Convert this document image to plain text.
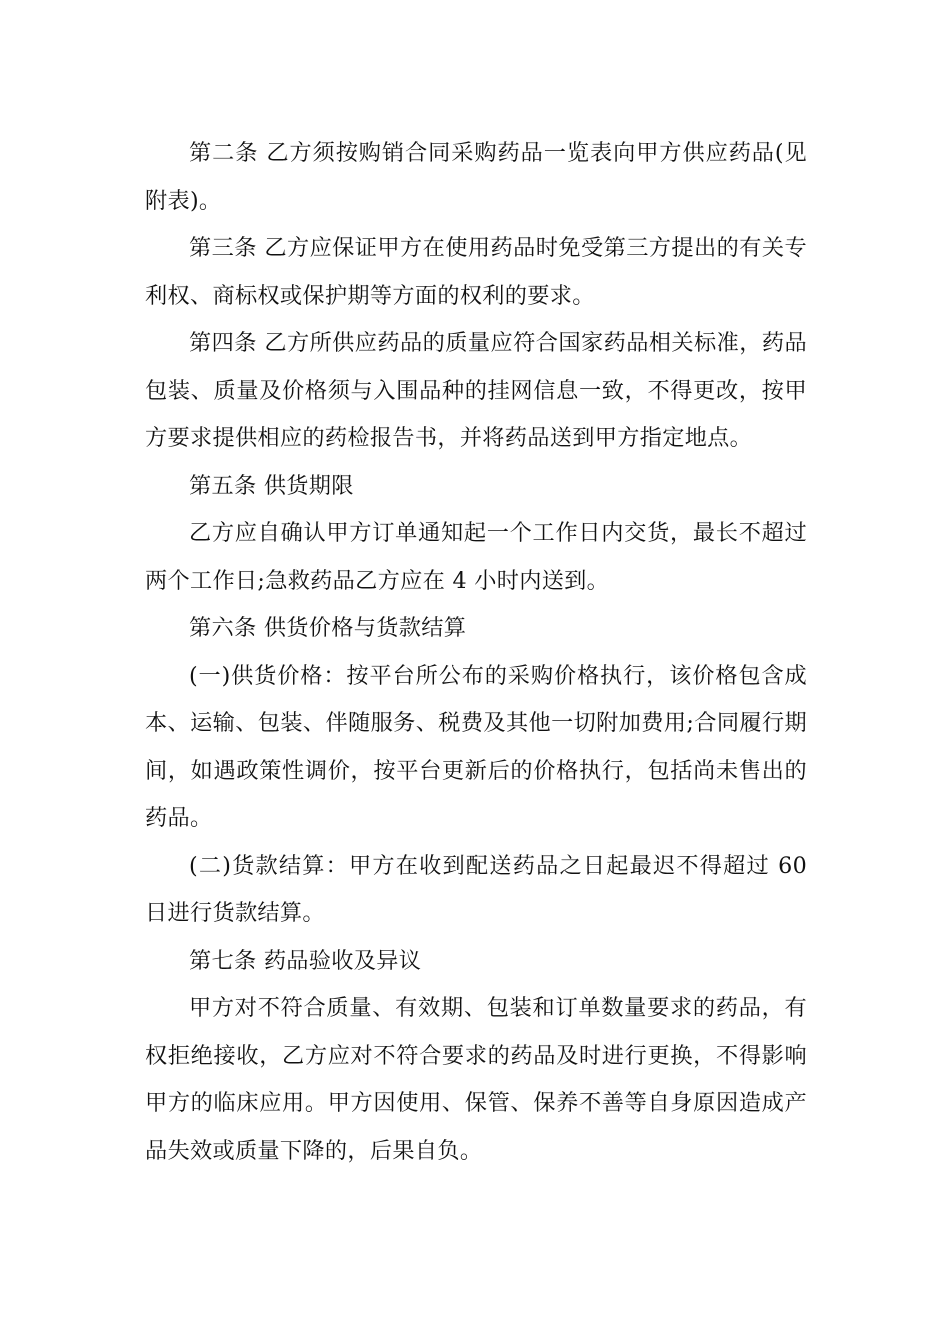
第二条 乙方须按购销合同采购药品一览表向甲方供应药品(见附表)。

第三条 乙方应保证甲方在使用药品时免受第三方提出的有关专利权、商标权或保护期等方面的权利的要求。

第四条 乙方所供应药品的质量应符合国家药品相关标准，药品包装、质量及价格须与入围品种的挂网信息一致，不得更改，按甲方要求提供相应的药检报告书，并将药品送到甲方指定地点。

第五条 供货期限

乙方应自确认甲方订单通知起一个工作日内交货，最长不超过两个工作日;急救药品乙方应在 4 小时内送到。

第六条 供货价格与货款结算

(一)供货价格：按平台所公布的采购价格执行，该价格包含成本、运输、包装、伴随服务、税费及其他一切附加费用;合同履行期间，如遇政策性调价，按平台更新后的价格执行，包括尚未售出的药品。

(二)货款结算：甲方在收到配送药品之日起最迟不得超过 60 日进行货款结算。

第七条 药品验收及异议

甲方对不符合质量、有效期、包装和订单数量要求的药品，有权拒绝接收，乙方应对不符合要求的药品及时进行更换，不得影响甲方的临床应用。甲方因使用、保管、保养不善等自身原因造成产品失效或质量下降的，后果自负。
